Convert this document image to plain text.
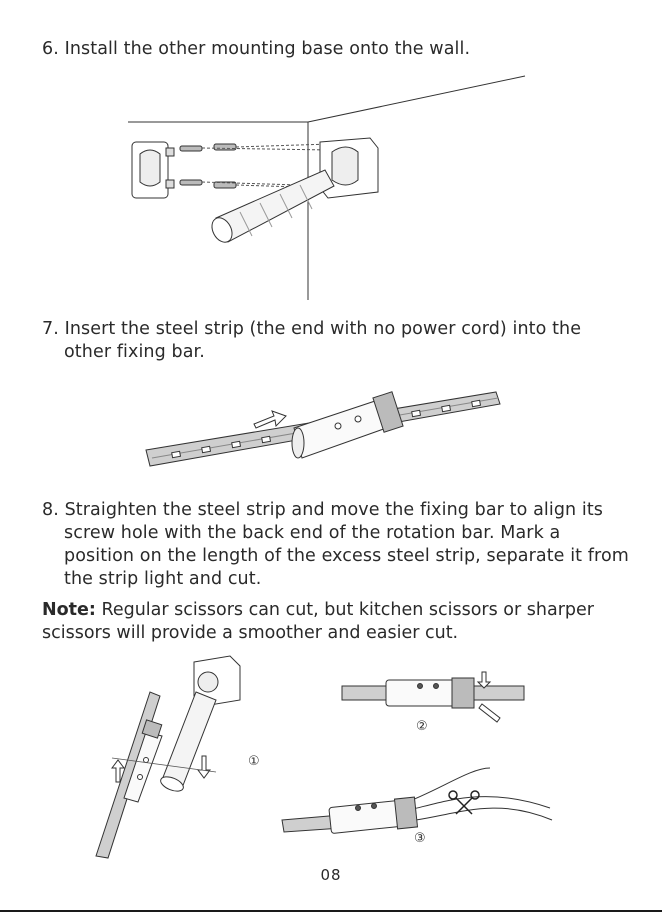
6. Install the other mounting base onto the wall.
7. Insert the steel strip (the end with no power cord) into the
other fixing bar.
8. Straighten the steel strip and move the fixing bar to align its
screw hole with the back end of the rotation bar. Mark a
position on the length of the excess steel strip, separate it from
the strip light and cut.
Note: Regular scissors can cut, but kitchen scissors or sharper scissors will provide a smoother and easier cut.
①
②
③
08
